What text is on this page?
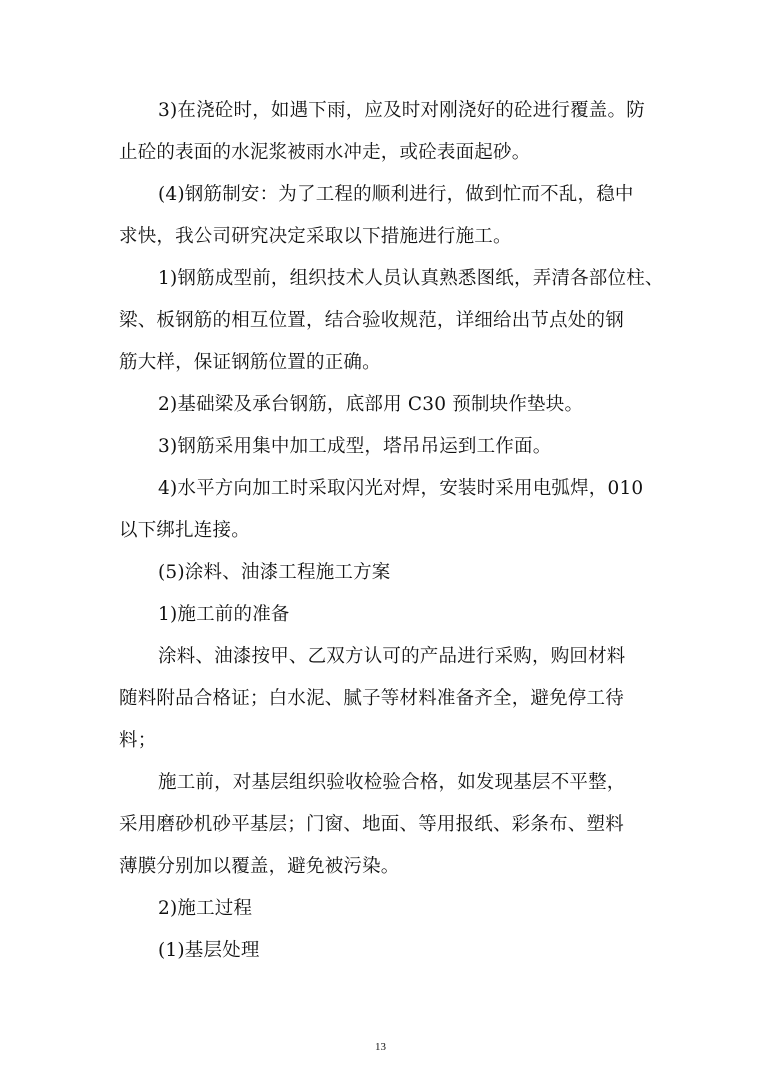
3)在浇砼时，如遇下雨，应及时对刚浇好的砼进行覆盖。防
止砼的表面的水泥浆被雨水冲走，或砼表面起砂。
(4)钢筋制安：为了工程的顺利进行，做到忙而不乱，稳中
求快，我公司研究决定采取以下措施进行施工。
1)钢筋成型前，组织技术人员认真熟悉图纸，弄清各部位柱、
梁、板钢筋的相互位置，结合验收规范，详细给出节点处的钢
筋大样，保证钢筋位置的正确。
2)基础梁及承台钢筋，底部用 C30 预制块作垫块。
3)钢筋采用集中加工成型，塔吊吊运到工作面。
4)水平方向加工时采取闪光对焊，安装时采用电弧焊，010
以下绑扎连接。
(5)涂料、油漆工程施工方案
1)施工前的准备
涂料、油漆按甲、乙双方认可的产品进行采购，购回材料
随料附品合格证；白水泥、腻子等材料准备齐全，避免停工待
料；
施工前，对基层组织验收检验合格，如发现基层不平整，
采用磨砂机砂平基层；门窗、地面、等用报纸、彩条布、塑料
薄膜分别加以覆盖，避免被污染。
2)施工过程
(1)基层处理
13
